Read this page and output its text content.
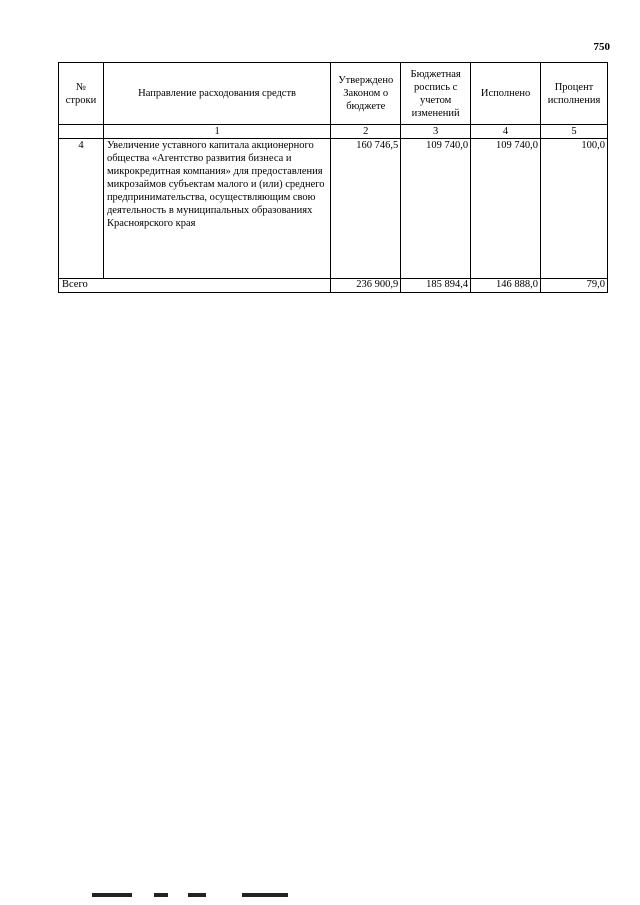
750
№ строки	Направление расходования средств	Утверждено Законом о бюджете	Бюджетная роспись с учетом изменений	Исполнено	Процент исполнения
	1	2	3	4	5
4	Увеличение уставного капитала акционерного общества «Агентство развития бизнеса и микрокредитная компания» для предоставления микрозаймов субъектам малого и (или) среднего предпринимательства, осуществляющим свою деятельность в муниципальных образованиях Красноярского края	160 746,5	109 740,0	109 740,0	100,0
Всего		236 900,9	185 894,4	146 888,0	79,0
